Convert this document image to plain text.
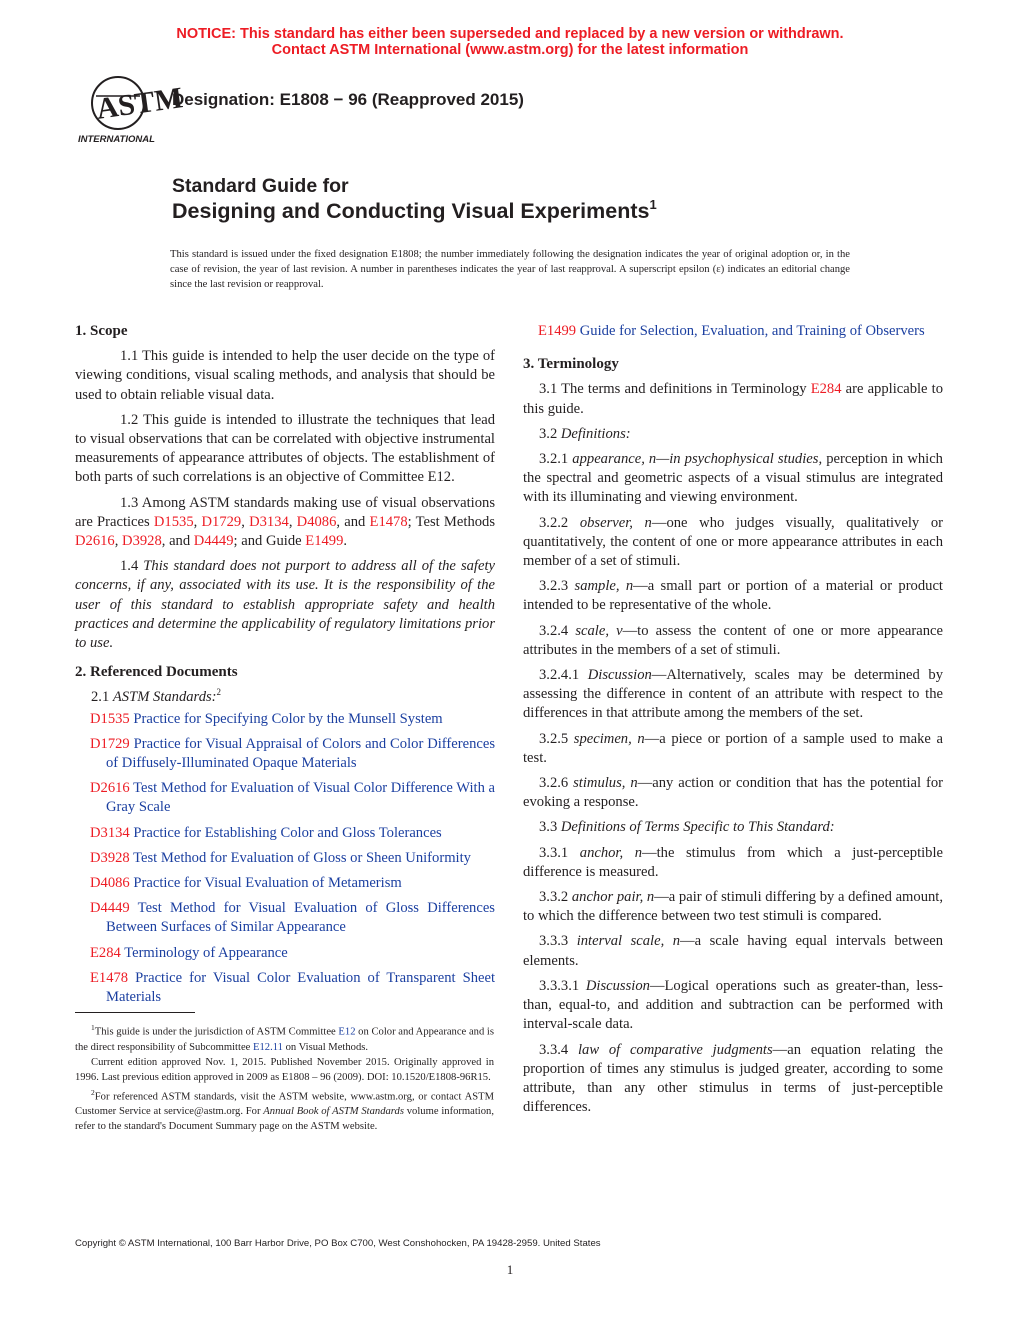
NOTICE: This standard has either been superseded and replaced by a new version or withdrawn.
Contact ASTM International (www.astm.org) for the latest information
ASTM
INTERNATIONAL
Designation: E1808 − 96 (Reapproved 2015)
Standard Guide for
Designing and Conducting Visual Experiments$^1$
This standard is issued under the fixed designation E1808; the number immediately following the designation indicates the year of original adoption or, in the case of revision, the year of last revision. A number in parentheses indicates the year of last reapproval. A superscript epsilon (ε) indicates an editorial change since the last revision or reapproval.
1. Scope

1.1 This guide is intended to help the user decide on the type of viewing conditions, visual scaling methods, and analysis that should be used to obtain reliable visual data.

1.2 This guide is intended to illustrate the techniques that lead to visual observations that can be correlated with objective instrumental measurements of appearance attributes of objects. The establishment of both parts of such correlations is an objective of Committee E12.

1.3 Among ASTM standards making use of visual observations are Practices D1535, D1729, D3134, D4086, and E1478; Test Methods D2616, D3928, and D4449; and Guide E1499.

1.4 This standard does not purport to address all of the safety concerns, if any, associated with its use. It is the responsibility of the user of this standard to establish appropriate safety and health practices and determine the applicability of regulatory limitations prior to use.

2. Referenced Documents

2.1 ASTM Standards:$^2$

D1535 Practice for Specifying Color by the Munsell System

D1729 Practice for Visual Appraisal of Colors and Color Differences of Diffusely-Illuminated Opaque Materials

D2616 Test Method for Evaluation of Visual Color Difference With a Gray Scale

D3134 Practice for Establishing Color and Gloss Tolerances

D3928 Test Method for Evaluation of Gloss or Sheen Uniformity

D4086 Practice for Visual Evaluation of Metamerism

D4449 Test Method for Visual Evaluation of Gloss Differences Between Surfaces of Similar Appearance

E284 Terminology of Appearance

E1478 Practice for Visual Color Evaluation of Transparent Sheet Materials

E1499 Guide for Selection, Evaluation, and Training of Observers

3. Terminology

3.1 The terms and definitions in Terminology E284 are applicable to this guide.

3.2 Definitions:

3.2.1 appearance, n—in psychophysical studies, perception in which the spectral and geometric aspects of a visual stimulus are integrated with its illuminating and viewing environment.

3.2.2 observer, n—one who judges visually, qualitatively or quantitatively, the content of one or more appearance attributes in each member of a set of stimuli.

3.2.3 sample, n—a small part or portion of a material or product intended to be representative of the whole.

3.2.4 scale, v—to assess the content of one or more appearance attributes in the members of a set of stimuli.

3.2.4.1 Discussion—Alternatively, scales may be determined by assessing the difference in content of an attribute with respect to the differences in that attribute among the members of the set.

3.2.5 specimen, n—a piece or portion of a sample used to make a test.

3.2.6 stimulus, n—any action or condition that has the potential for evoking a response.

3.3 Definitions of Terms Specific to This Standard:

3.3.1 anchor, n—the stimulus from which a just-perceptible difference is measured.

3.3.2 anchor pair, n—a pair of stimuli differing by a defined amount, to which the difference between two test stimuli is compared.

3.3.3 interval scale, n—a scale having equal intervals between elements.

3.3.3.1 Discussion—Logical operations such as greater-than, less-than, equal-to, and addition and subtraction can be performed with interval-scale data.

3.3.4 law of comparative judgments—an equation relating the proportion of times any stimulus is judged greater, according to some attribute, than any other stimulus in terms of just-perceptible differences.

$^1$This guide is under the jurisdiction of ASTM Committee E12 on Color and Appearance and is the direct responsibility of Subcommittee E12.11 on Visual Methods.

Current edition approved Nov. 1, 2015. Published November 2015. Originally approved in 1996. Last previous edition approved in 2009 as E1808 – 96 (2009). DOI: 10.1520/E1808-96R15.

$^2$For referenced ASTM standards, visit the ASTM website, www.astm.org, or contact ASTM Customer Service at service@astm.org. For Annual Book of ASTM Standards volume information, refer to the standard's Document Summary page on the ASTM website.

Copyright © ASTM International, 100 Barr Harbor Drive, PO Box C700, West Conshohocken, PA 19428-2959. United States
1
